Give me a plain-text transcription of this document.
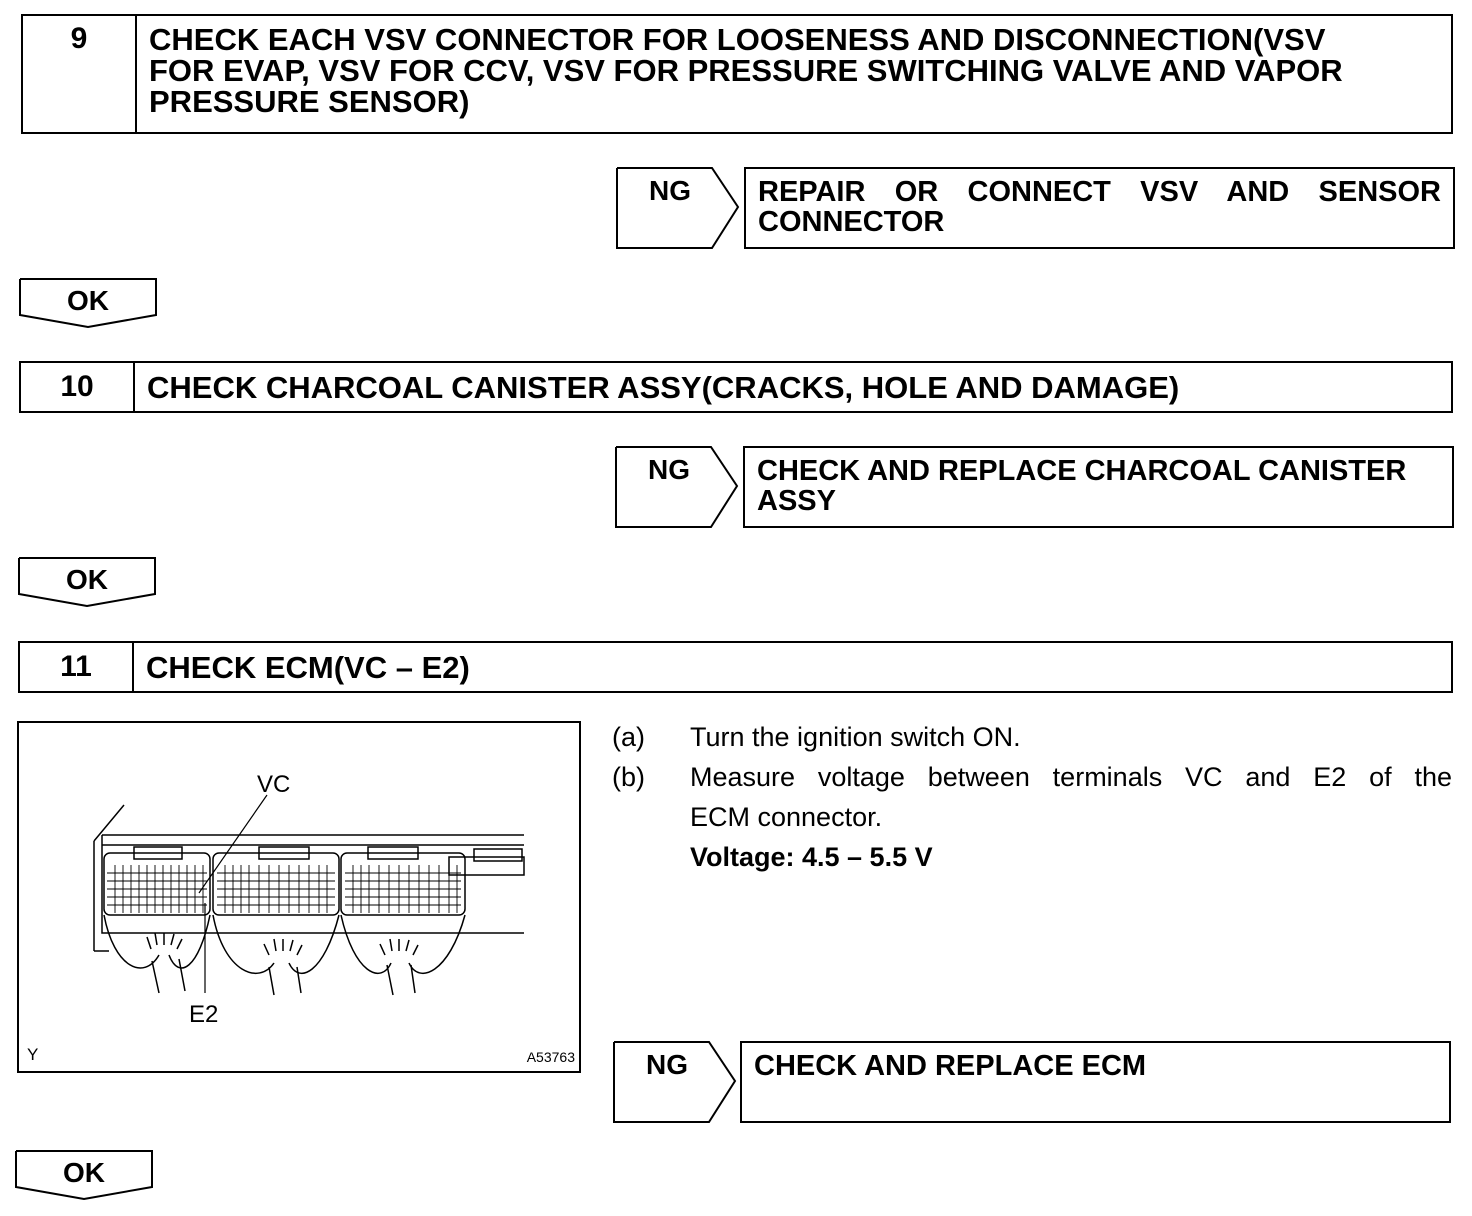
9	CHECK EACH VSV CONNECTOR FOR LOOSENESS AND DISCONNECTION(VSV
FOR EVAP, VSV FOR CCV, VSV FOR PRESSURE SWITCHING VALVE AND VAPOR
PRESSURE SENSOR)
NG	REPAIR OR CONNECT VSV AND SENSOR
CONNECTOR
OK
10	CHECK CHARCOAL CANISTER ASSY(CRACKS, HOLE AND DAMAGE)
NG	CHECK AND REPLACE CHARCOAL CANISTER
ASSY
OK
11	CHECK ECM(VC – E2)
VC
E2
Y	A53763
(a) Turn the ignition switch ON.
(b) Measure voltage between terminals VC and E2 of the
ECM connector.
Voltage: 4.5 – 5.5 V
NG	CHECK AND REPLACE ECM
OK
